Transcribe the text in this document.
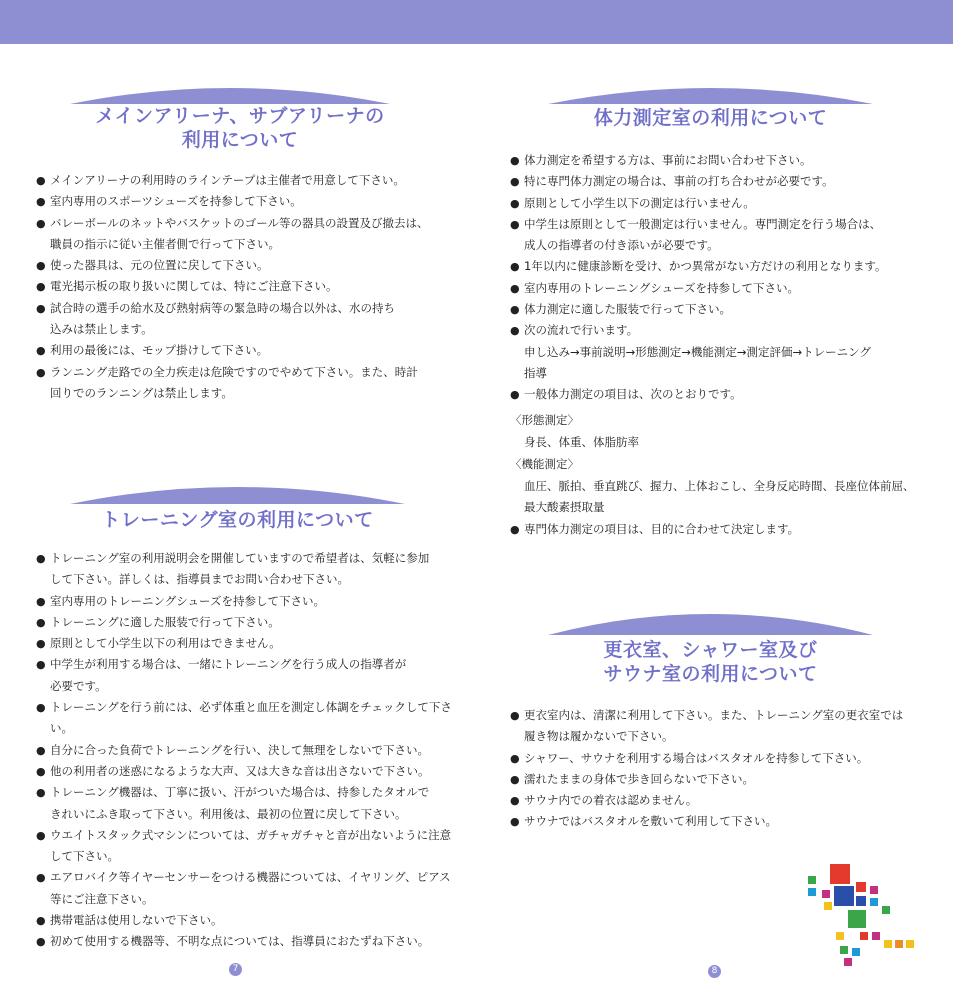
メインアリーナ、サブアリーナの
利用について
● メインアリーナの利用時のラインテープは主催者で用意して下さい。
● 室内専用のスポーツシューズを持参して下さい。
● バレーボールのネットやバスケットのゴール等の器具の設置及び撤去は、
職員の指示に従い主催者側で行って下さい。
● 使った器具は、元の位置に戻して下さい。
● 電光掲示板の取り扱いに関しては、特にご注意下さい。
● 試合時の選手の給水及び熱射病等の緊急時の場合以外は、水の持ち
込みは禁止します。
● 利用の最後には、モップ掛けして下さい。
● ランニング走路での全力疾走は危険ですのでやめて下さい。また、時計
回りでのランニングは禁止します。
トレーニング室の利用について
● トレーニング室の利用説明会を開催していますので希望者は、気軽に参加
して下さい。詳しくは、指導員までお問い合わせ下さい。
● 室内専用のトレーニングシューズを持参して下さい。
● トレーニングに適した服装で行って下さい。
● 原則として小学生以下の利用はできません。
● 中学生が利用する場合は、一緒にトレーニングを行う成人の指導者が
必要です。
● トレーニングを行う前には、必ず体重と血圧を測定し体調をチェックして下さい。
● 自分に合った負荷でトレーニングを行い、決して無理をしないで下さい。
● 他の利用者の迷惑になるような大声、又は大きな音は出さないで下さい。
● トレーニング機器は、丁寧に扱い、汗がついた場合は、持参したタオルで
きれいにふき取って下さい。利用後は、最初の位置に戻して下さい。
● ウエイトスタック式マシンについては、ガチャガチャと音が出ないように注意
して下さい。
● エアロバイク等イヤーセンサーをつける機器については、イヤリング、ピアス
等にご注意下さい。
● 携帯電話は使用しないで下さい。
● 初めて使用する機器等、不明な点については、指導員におたずね下さい。
7
体力測定室の利用について
● 体力測定を希望する方は、事前にお問い合わせ下さい。
● 特に専門体力測定の場合は、事前の打ち合わせが必要です。
● 原則として小学生以下の測定は行いません。
● 中学生は原則として一般測定は行いません。専門測定を行う場合は、
成人の指導者の付き添いが必要です。
● 1年以内に健康診断を受け、かつ異常がない方だけの利用となります。
● 室内専用のトレーニングシューズを持参して下さい。
● 体力測定に適した服装で行って下さい。
● 次の流れで行います。
申し込み→事前説明→形態測定→機能測定→測定評価→トレーニング
指導
● 一般体力測定の項目は、次のとおりです。

〈形態測定〉

身長、体重、体脂肪率

〈機能測定〉

血圧、脈拍、垂直跳び、握力、上体おこし、全身反応時間、長座位体前屈、
最大酸素摂取量

● 専門体力測定の項目は、目的に合わせて決定します。
更衣室、シャワー室及び
サウナ室の利用について
● 更衣室内は、清潔に利用して下さい。また、トレーニング室の更衣室では
履き物は履かないで下さい。
● シャワー、サウナを利用する場合はバスタオルを持参して下さい。
● 濡れたままの身体で歩き回らないで下さい。
● サウナ内での着衣は認めません。
● サウナではバスタオルを敷いて利用して下さい。
8
